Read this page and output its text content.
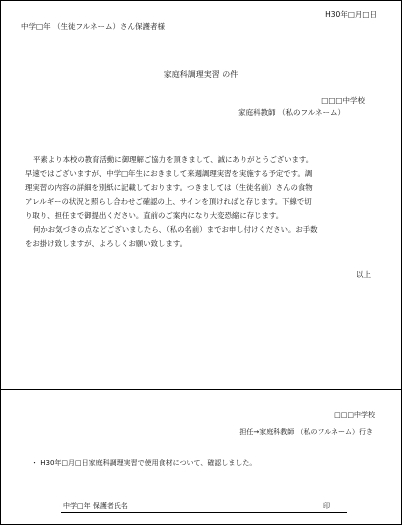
H30年□月□日
中学□年 （生徒フルネーム）さん保護者様
家庭科調理実習 の件
□□□中学校
家庭科教師 （私のフルネーム）

平素より本校の教育活動に御理解ご協力を頂きまして、誠にありがとうございます。

早速ではございますが、中学□年生におきまして来週調理実習を実施する予定です。調

理実習の内容の詳細を別紙に記載しております。つきましては（生徒名前）さんの食物

アレルギーの状況と照らし合わせご確認の上、サインを頂ければと存じます。下線で切

り取り、担任まで御提出ください。直前のご案内になり大変恐縮に存じます。

何かお気づきの点などございましたら、（私の名前）までお申し付けください。お手数

をお掛け致しますが、よろしくお願い致します。

以上
□□□中学校
担任→家庭科教師 （私のフルネーム）行き
・ H30年□月□日家庭科調理実習で使用食材について、確認しました。
中学□年 保護者氏名	印
